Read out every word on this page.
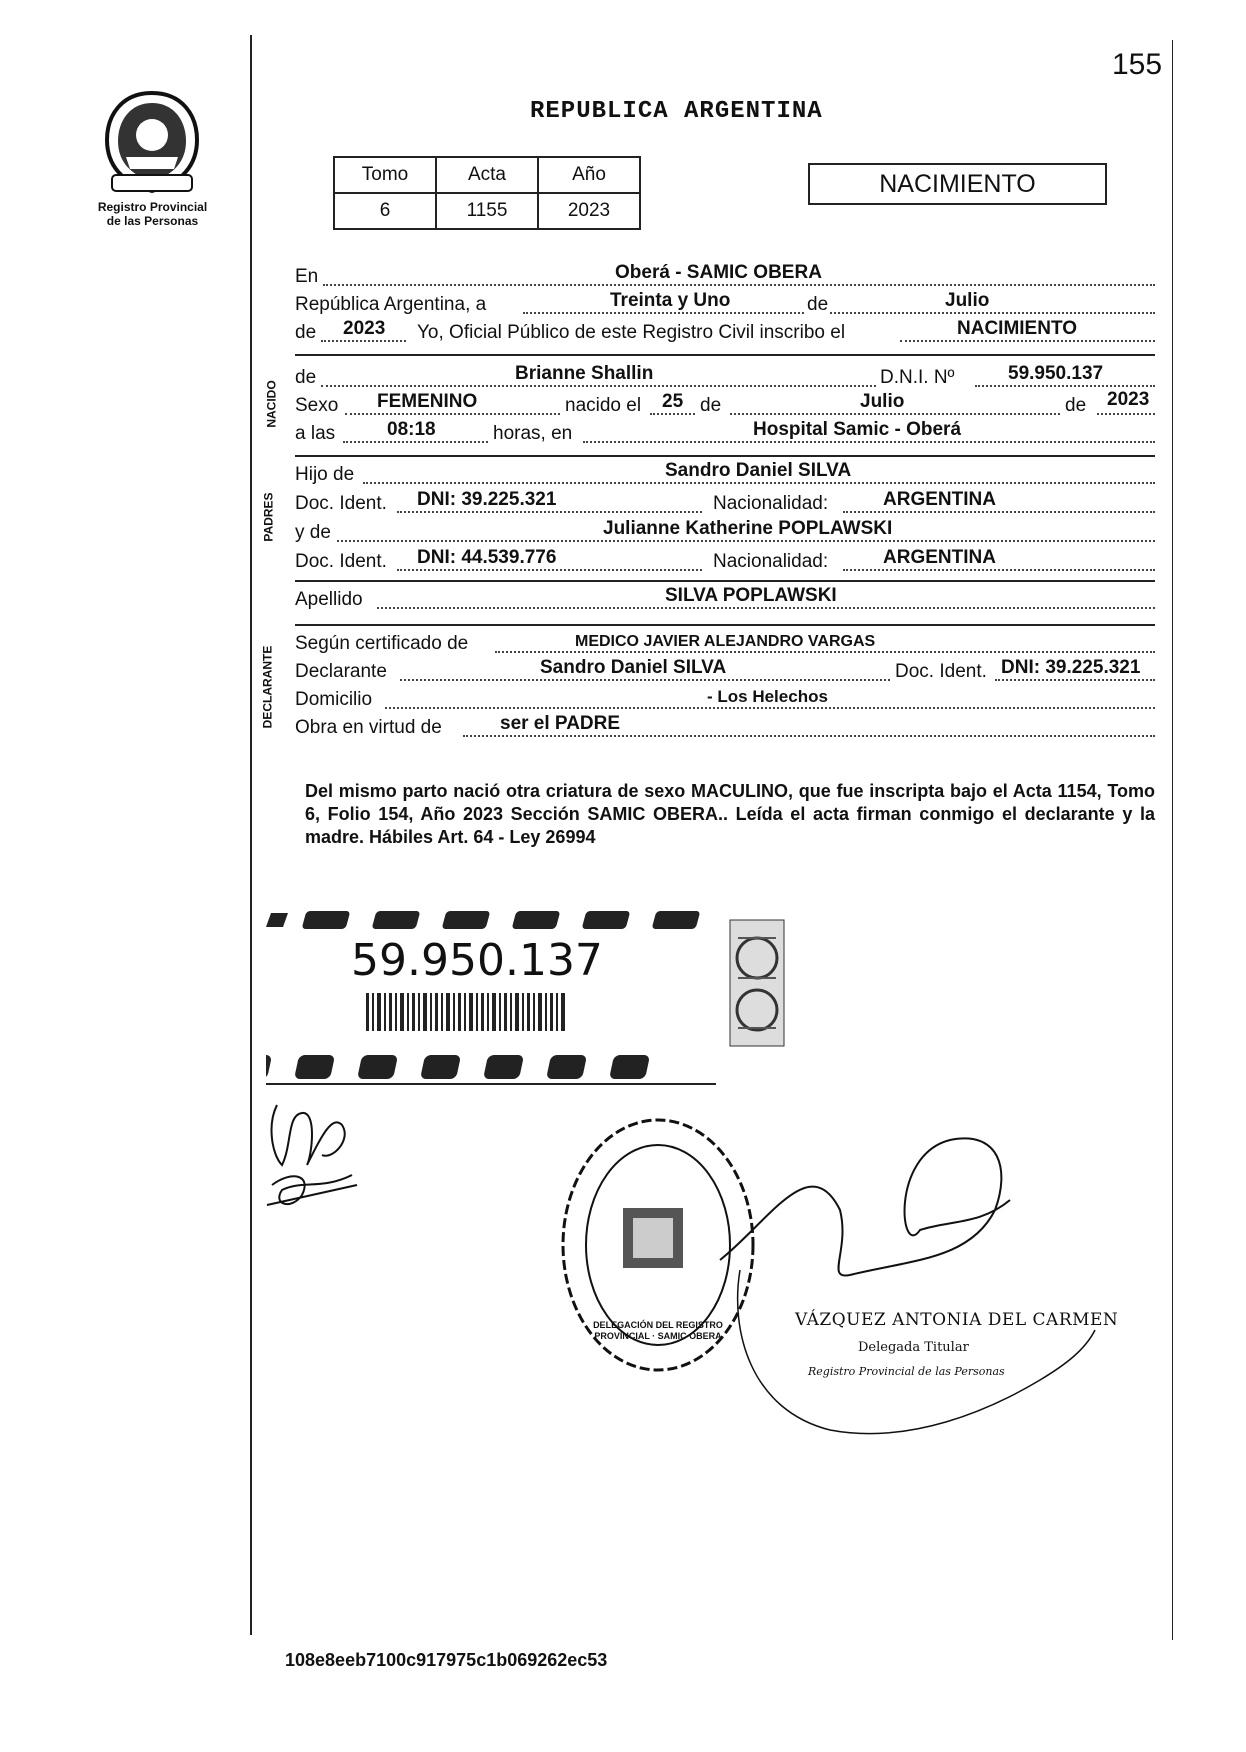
155
Registro Provincial
de las Personas
REPUBLICA ARGENTINA
Tomo	Acta	Año
6	1155	2023
NACIMIENTO
En	Oberá - SAMIC OBERA
República Argentina, a	Treinta y Uno	de	Julio
de 2023 Yo, Oficial Público de este Registro Civil inscribo el	NACIMIENTO
NACIDO
de	Brianne Shallin	D.N.I. Nº	59.950.137
Sexo FEMENINO	nacido el 25 de	Julio	de 2023
a las	08:18	horas, en	Hospital Samic - Oberá
PADRES
Hijo de	Sandro Daniel SILVA
Doc. Ident. DNI: 39.225.321	Nacionalidad:	ARGENTINA
y de	Julianne Katherine POPLAWSKI
Doc. Ident. DNI: 44.539.776	Nacionalidad:	ARGENTINA
Apellido	SILVA POPLAWSKI
DECLARANTE
Según certificado de	MEDICO JAVIER ALEJANDRO VARGAS
Declarante	Sandro Daniel SILVA	Doc. Ident. DNI: 39.225.321
Domicilio	- Los Helechos
Obra en virtud de	ser el PADRE
Del mismo parto nació otra criatura de sexo MACULINO, que fue inscripta bajo el Acta 1154, Tomo 6, Folio 154, Año 2023 Sección SAMIC OBERA.. Leída el acta firman conmigo el declarante y la madre. Hábiles Art. 64 - Ley 26994
59.950.137
DELEGACIÓN DEL REGISTRO PROVINCIAL · SAMIC OBERA
VÁZQUEZ ANTONIA DEL CARMEN
Delegada Titular
Registro Provincial de las Personas
108e8eeb7100c917975c1b069262ec53
